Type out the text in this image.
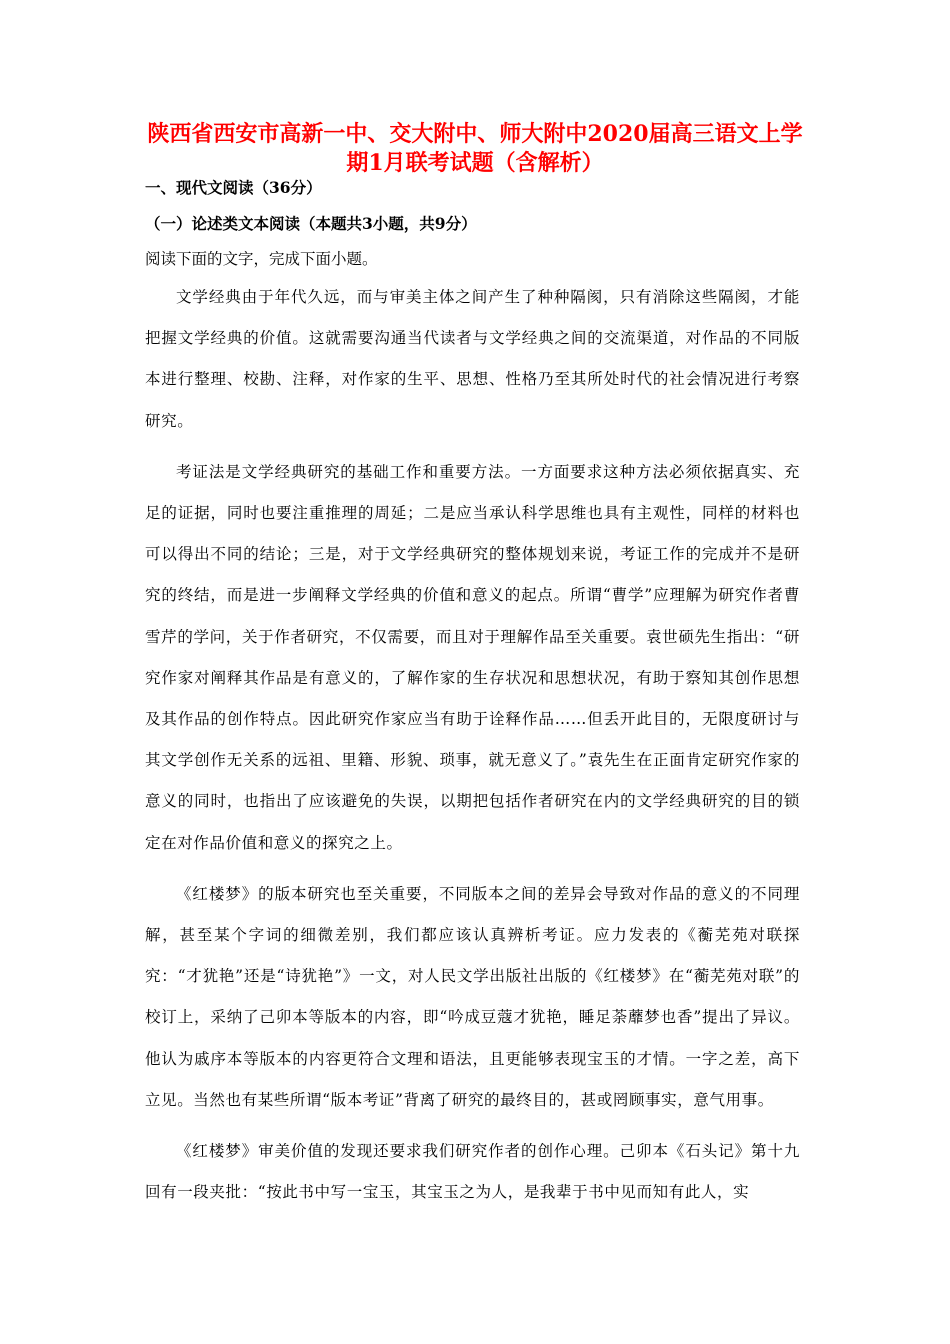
陕西省西安市高新一中、交大附中、师大附中2020届高三语文上学期1月联考试题（含解析）

一、现代文阅读（36分）

（一）论述类文本阅读（本题共3小题，共9分）

阅读下面的文字，完成下面小题。

文学经典由于年代久远，而与审美主体之间产生了种种隔阂，只有消除这些隔阂，才能把握文学经典的价值。这就需要沟通当代读者与文学经典之间的交流渠道，对作品的不同版本进行整理、校勘、注释，对作家的生平、思想、性格乃至其所处时代的社会情况进行考察研究。

考证法是文学经典研究的基础工作和重要方法。一方面要求这种方法必须依据真实、充足的证据，同时也要注重推理的周延；二是应当承认科学思维也具有主观性，同样的材料也可以得出不同的结论；三是，对于文学经典研究的整体规划来说，考证工作的完成并不是研究的终结，而是进一步阐释文学经典的价值和意义的起点。所谓“曹学”应理解为研究作者曹雪芹的学问，关于作者研究，不仅需要，而且对于理解作品至关重要。袁世硕先生指出：“研究作家对阐释其作品是有意义的，了解作家的生存状况和思想状况，有助于察知其创作思想及其作品的创作特点。因此研究作家应当有助于诠释作品……但丢开此目的，无限度研讨与其文学创作无关系的远祖、里籍、形貌、琐事，就无意义了。”袁先生在正面肯定研究作家的意义的同时，也指出了应该避免的失误，以期把包括作者研究在内的文学经典研究的目的锁定在对作品价值和意义的探究之上。

《红楼梦》的版本研究也至关重要，不同版本之间的差异会导致对作品的意义的不同理解，甚至某个字词的细微差别，我们都应该认真辨析考证。应力发表的《蘅芜苑对联探究：“才犹艳”还是“诗犹艳”》一文，对人民文学出版社出版的《红楼梦》在“蘅芜苑对联”的校订上，采纳了己卯本等版本的内容，即“吟成豆蔻才犹艳，睡足荼蘼梦也香”提出了异议。他认为戚序本等版本的内容更符合文理和语法，且更能够表现宝玉的才情。一字之差，高下立见。当然也有某些所谓“版本考证”背离了研究的最终目的，甚或罔顾事实，意气用事。

《红楼梦》审美价值的发现还要求我们研究作者的创作心理。己卯本《石头记》第十九回有一段夹批：“按此书中写一宝玉，其宝玉之为人，是我辈于书中见而知有此人，实
